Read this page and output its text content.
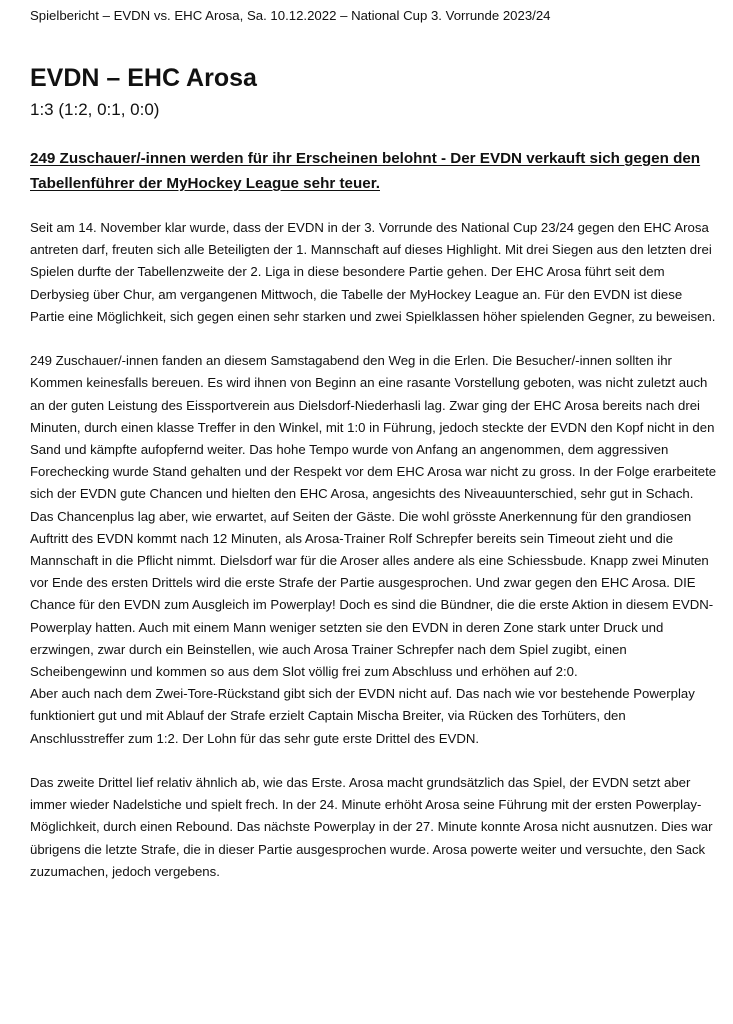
Spielbericht – EVDN vs. EHC Arosa, Sa. 10.12.2022 – National Cup 3. Vorrunde 2023/24
EVDN – EHC Arosa
1:3 (1:2, 0:1, 0:0)
249 Zuschauer/-innen werden für ihr Erscheinen belohnt - Der EVDN verkauft sich gegen den Tabellenführer der MyHockey League sehr teuer.

Seit am 14. November klar wurde, dass der EVDN in der 3. Vorrunde des National Cup 23/24 gegen den EHC Arosa antreten darf, freuten sich alle Beteiligten der 1. Mannschaft auf dieses Highlight. Mit drei Siegen aus den letzten drei Spielen durfte der Tabellenzweite der 2. Liga in diese besondere Partie gehen. Der EHC Arosa führt seit dem Derbysieg über Chur, am vergangenen Mittwoch, die Tabelle der MyHockey League an. Für den EVDN ist diese Partie eine Möglichkeit, sich gegen einen sehr starken und zwei Spielklassen höher spielenden Gegner, zu beweisen.

249 Zuschauer/-innen fanden an diesem Samstagabend den Weg in die Erlen. Die Besucher/-innen sollten ihr Kommen keinesfalls bereuen. Es wird ihnen von Beginn an eine rasante Vorstellung geboten, was nicht zuletzt auch an der guten Leistung des Eissportverein aus Dielsdorf-Niederhasli lag. Zwar ging der EHC Arosa bereits nach drei Minuten, durch einen klasse Treffer in den Winkel, mit 1:0 in Führung, jedoch steckte der EVDN den Kopf nicht in den Sand und kämpfte aufopfernd weiter. Das hohe Tempo wurde von Anfang an angenommen, dem aggressiven Forechecking wurde Stand gehalten und der Respekt vor dem EHC Arosa war nicht zu gross. In der Folge erarbeitete sich der EVDN gute Chancen und hielten den EHC Arosa, angesichts des Niveauunterschied, sehr gut in Schach. Das Chancenplus lag aber, wie erwartet, auf Seiten der Gäste. Die wohl grösste Anerkennung für den grandiosen Auftritt des EVDN kommt nach 12 Minuten, als Arosa-Trainer Rolf Schrepfer bereits sein Timeout zieht und die Mannschaft in die Pflicht nimmt. Dielsdorf war für die Aroser alles andere als eine Schiessbude. Knapp zwei Minuten vor Ende des ersten Drittels wird die erste Strafe der Partie ausgesprochen. Und zwar gegen den EHC Arosa. DIE Chance für den EVDN zum Ausgleich im Powerplay! Doch es sind die Bündner, die die erste Aktion in diesem EVDN-Powerplay hatten. Auch mit einem Mann weniger setzten sie den EVDN in deren Zone stark unter Druck und erzwingen, zwar durch ein Beinstellen, wie auch Arosa Trainer Schrepfer nach dem Spiel zugibt, einen Scheibengewinn und kommen so aus dem Slot völlig frei zum Abschluss und erhöhen auf 2:0.

Aber auch nach dem Zwei-Tore-Rückstand gibt sich der EVDN nicht auf. Das nach wie vor bestehende Powerplay funktioniert gut und mit Ablauf der Strafe erzielt Captain Mischa Breiter, via Rücken des Torhüters, den Anschlusstreffer zum 1:2. Der Lohn für das sehr gute erste Drittel des EVDN.

Das zweite Drittel lief relativ ähnlich ab, wie das Erste. Arosa macht grundsätzlich das Spiel, der EVDN setzt aber immer wieder Nadelstiche und spielt frech. In der 24. Minute erhöht Arosa seine Führung mit der ersten Powerplay-Möglichkeit, durch einen Rebound. Das nächste Powerplay in der 27. Minute konnte Arosa nicht ausnutzen. Dies war übrigens die letzte Strafe, die in dieser Partie ausgesprochen wurde. Arosa powerte weiter und versuchte, den Sack zuzumachen, jedoch vergebens.
